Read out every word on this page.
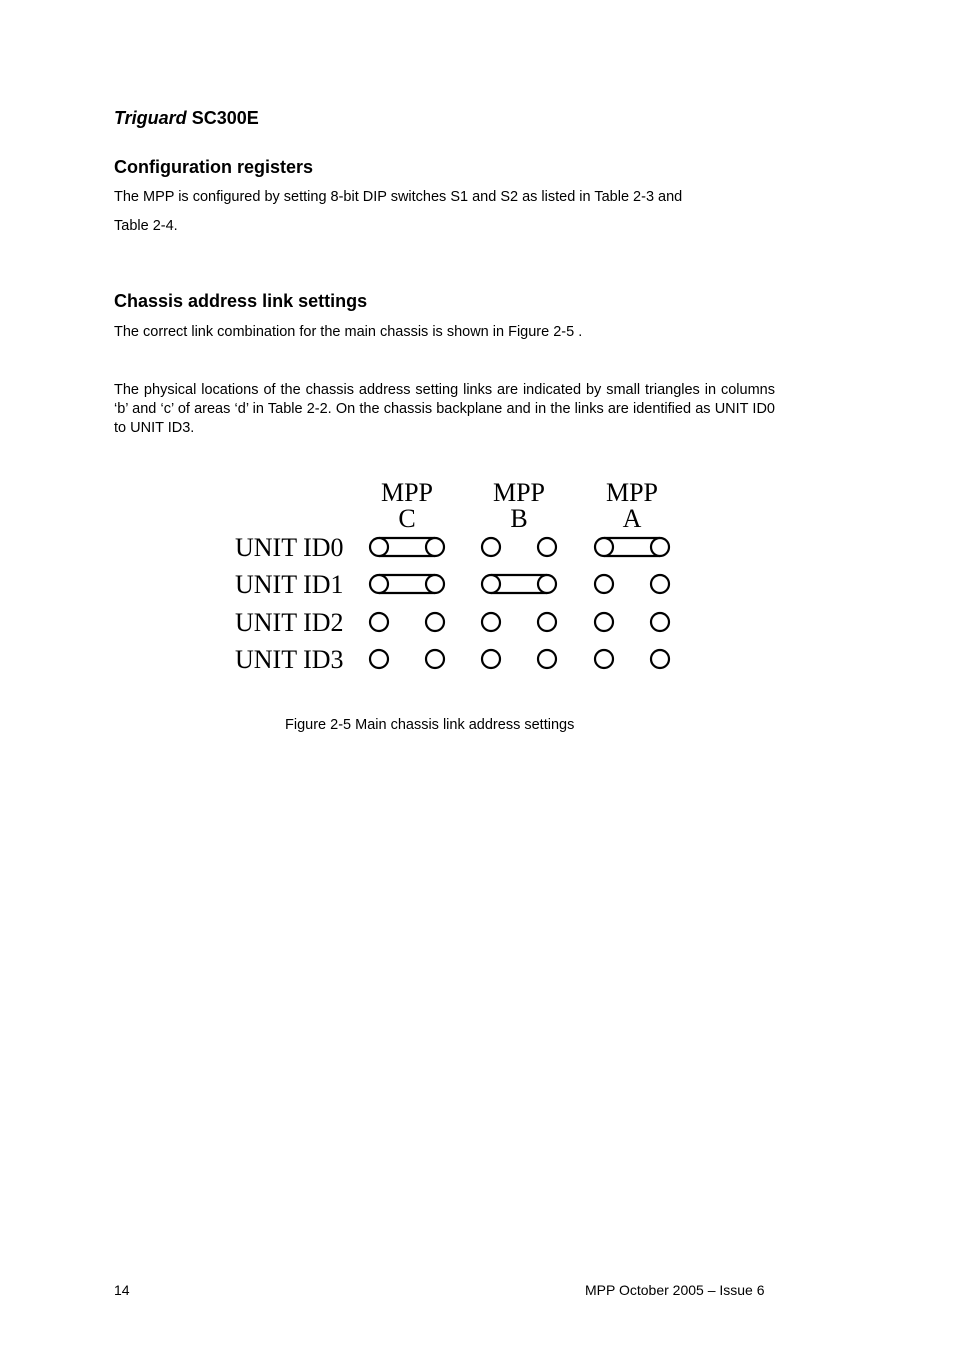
Triguard SC300E
Configuration registers
The MPP is configured by setting 8-bit DIP switches S1 and S2 as listed in Table 2-3 and
Table 2-4.
Chassis address link settings
The correct link combination for the main chassis is shown in Figure 2-5 .
The physical locations of the chassis address setting links are indicated by small triangles in columns ‘b’ and ‘c’ of areas ‘d’ in Table 2-2. On the chassis backplane and in the links are identified as UNIT ID0 to UNIT ID3.
MPP
C
MPP
B
MPP
A
UNIT ID0
UNIT ID1
UNIT ID2
UNIT ID3
Figure 2-5 Main chassis link address settings
14	MPP October 2005 – Issue 6
